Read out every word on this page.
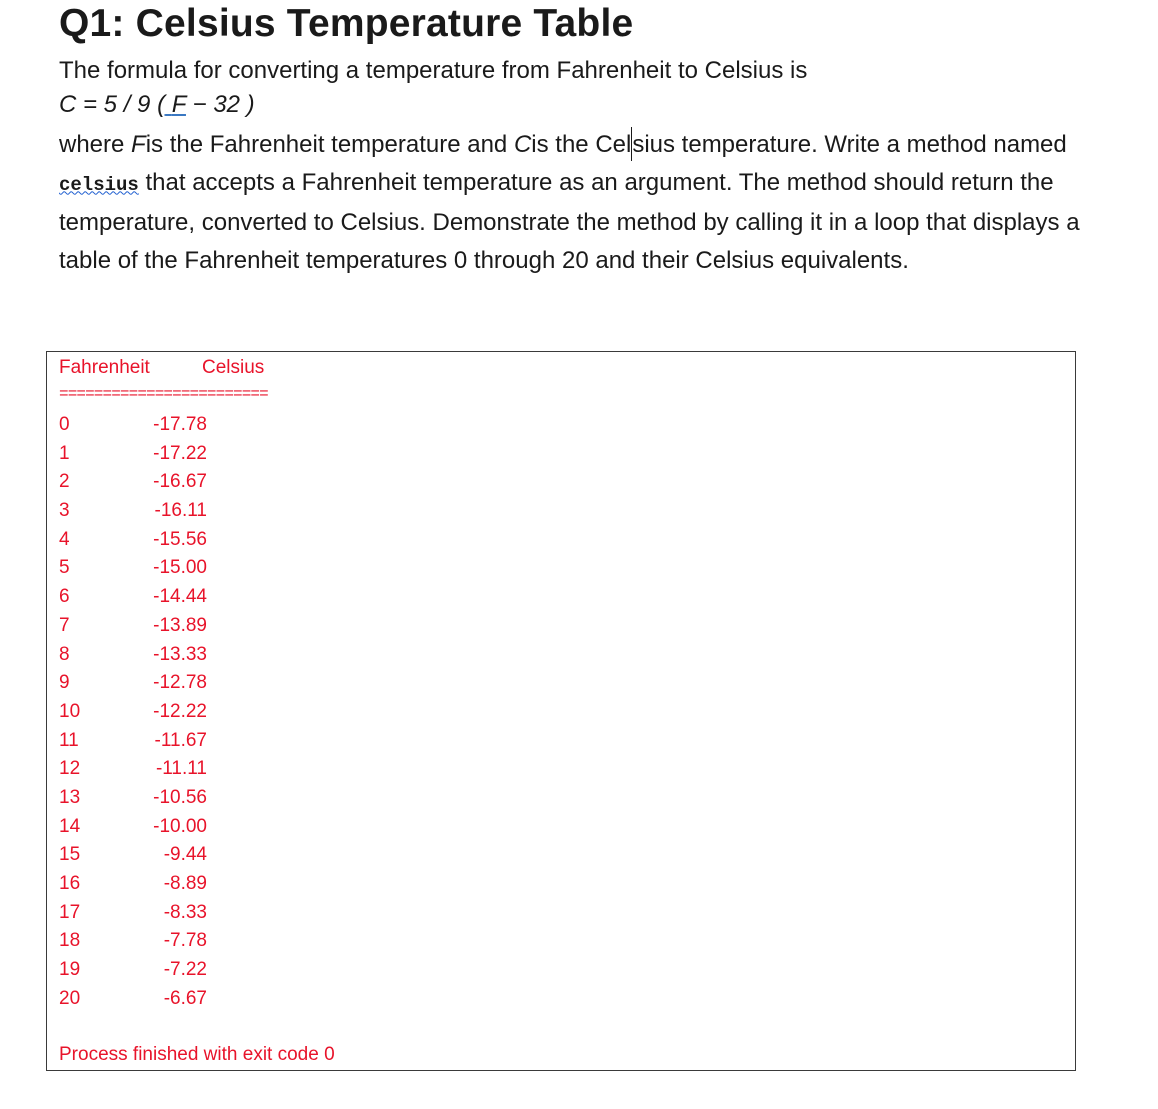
Q1: Celsius Temperature Table

The formula for converting a temperature from Fahrenheit to Celsius is

C = 5 / 9 ( F − 32 )

where Fis the Fahrenheit temperature and Cis the Celsius temperature. Write a method named celsius that accepts a Fahrenheit temperature as an argument. The method should return the temperature, converted to Celsius. Demonstrate the method by calling it in a loop that displays a table of the Fahrenheit temperatures 0 through 20 and their Celsius equivalents.

Fahrenheit	Celsius
========================
0	-17.78
1	-17.22
2	-16.67
3	-16.11
4	-15.56
5	-15.00
6	-14.44
7	-13.89
8	-13.33
9	-12.78
10	-12.22
11	-11.67
12	-11.11
13	-10.56
14	-10.00
15	-9.44
16	-8.89
17	-8.33
18	-7.78
19	-7.22
20	-6.67
Process finished with exit code 0
